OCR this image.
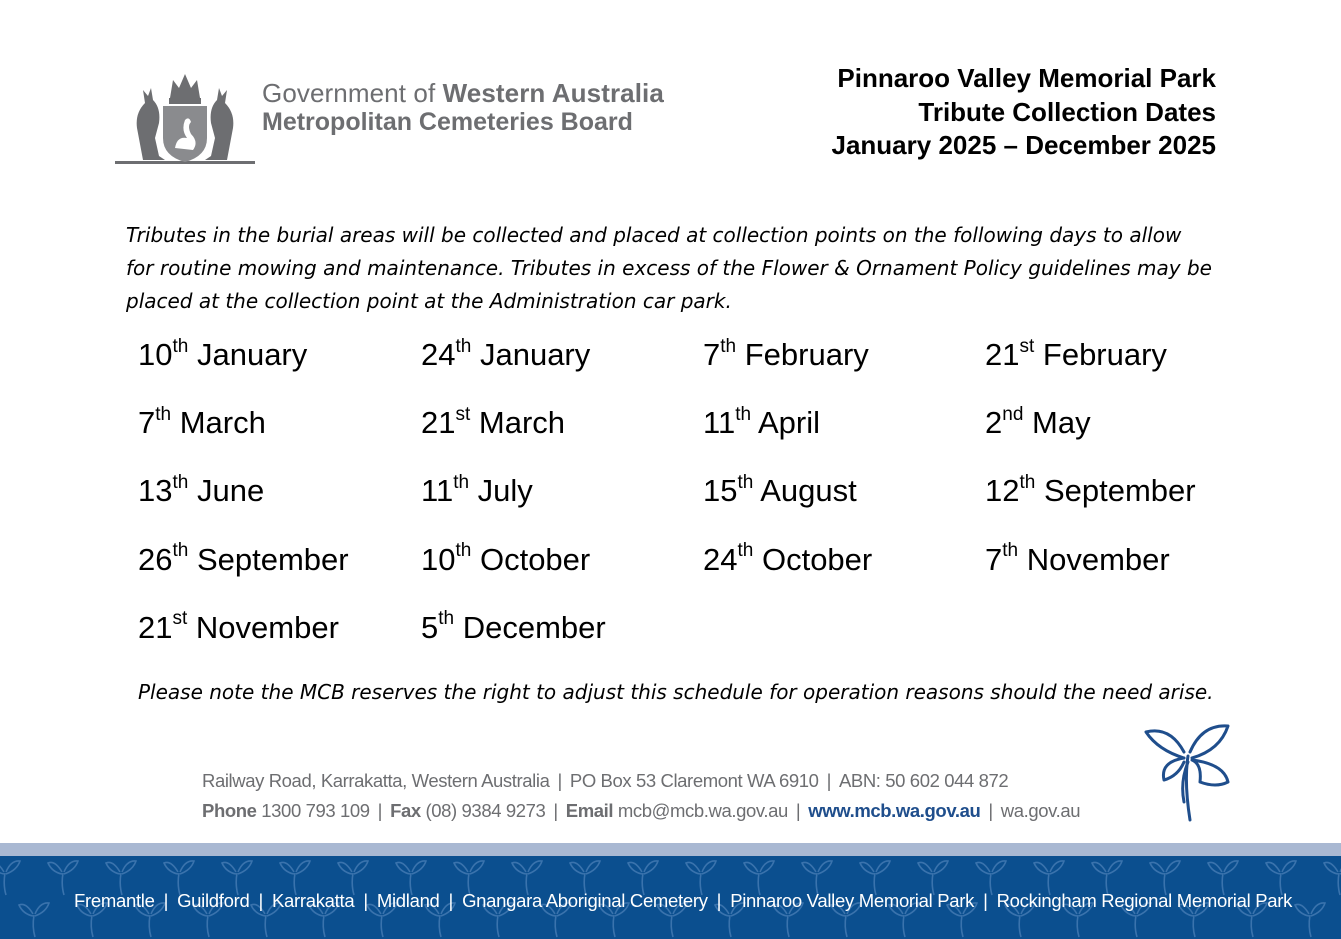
Government of Western Australia
Metropolitan Cemeteries Board
Pinnaroo Valley Memorial Park
Tribute Collection Dates
January 2025 – December 2025
Tributes in the burial areas will be collected and placed at collection points on the following days to allow
for routine mowing and maintenance. Tributes in excess of the Flower & Ornament Policy guidelines may be
placed at the collection point at the Administration car park.
10th January	24th January	7th February	21st February
7th March	21st March	11th April	2nd May
13th June	11th July	15th August	12th September
26th September	10th October	24th October	7th November
21st November	5th December
Please note the MCB reserves the right to adjust this schedule for operation reasons should the need arise.
Railway Road, Karrakatta, Western Australia | PO Box 53 Claremont WA 6910 | ABN: 50 602 044 872
Phone 1300 793 109 | Fax (08) 9384 9273 | Email mcb@mcb.wa.gov.au | www.mcb.wa.gov.au | wa.gov.au
Fremantle | Guildford | Karrakatta | Midland | Gnangara Aboriginal Cemetery | Pinnaroo Valley Memorial Park | Rockingham Regional Memorial Park
